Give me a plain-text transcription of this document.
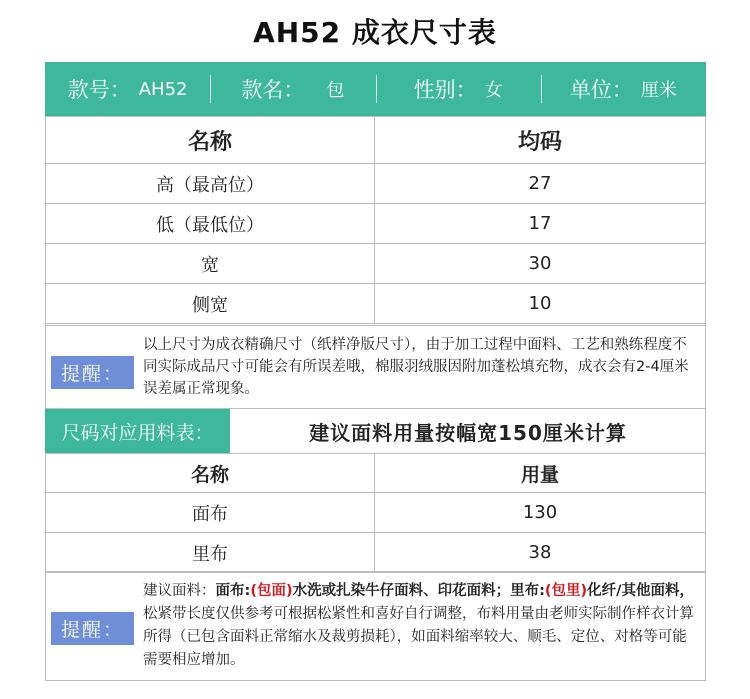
AH52 成衣尺寸表
款号： AH52	款名： 包	性别： 女	单位： 厘米
名称	均码
高（最高位）	27
低（最低位）	17
宽	30
侧宽	10
提醒：
以上尺寸为成衣精确尺寸（纸样净版尺寸），由于加工过程中面料、工艺和熟练程度不同实际成品尺寸可能会有所误差哦，棉服羽绒服因附加蓬松填充物，成衣会有2-4厘米误差属正常现象。
尺码对应用料表：	建议面料用量按幅宽150厘米计算
名称	用量
面布	130
里布	38
提醒：
建议面料：面布:(包面)水洗或扎染牛仔面料、印花面料；里布:(包里)化纤/其他面料，松紧带长度仅供参考可根据松紧性和喜好自行调整，布料用量由老师实际制作样衣计算所得（已包含面料正常缩水及裁剪损耗），如面料缩率较大、顺毛、定位、对格等可能需要相应增加。
